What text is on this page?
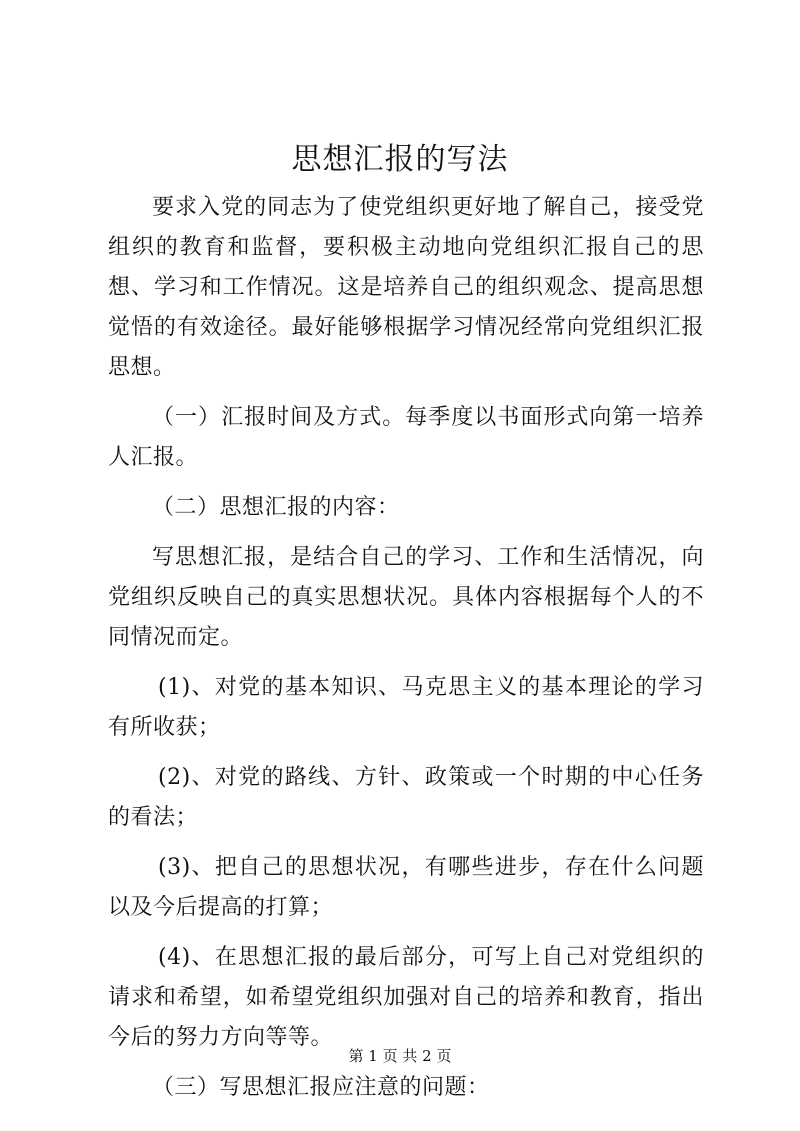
思想汇报的写法

要求入党的同志为了使党组织更好地了解自己，接受党组织的教育和监督，要积极主动地向党组织汇报自己的思想、学习和工作情况。这是培养自己的组织观念、提高思想觉悟的有效途径。最好能够根据学习情况经常向党组织汇报思想。

（一）汇报时间及方式。每季度以书面形式向第一培养人汇报。

（二）思想汇报的内容：

写思想汇报，是结合自己的学习、工作和生活情况，向党组织反映自己的真实思想状况。具体内容根据每个人的不同情况而定。

(1)、对党的基本知识、马克思主义的基本理论的学习有所收获；

(2)、对党的路线、方针、政策或一个时期的中心任务的看法；

(3)、把自己的思想状况，有哪些进步，存在什么问题以及今后提高的打算；

(4)、在思想汇报的最后部分，可写上自己对党组织的请求和希望，如希望党组织加强对自己的培养和教育，指出今后的努力方向等等。

（三）写思想汇报应注意的问题：

第 1 页 共 2 页
